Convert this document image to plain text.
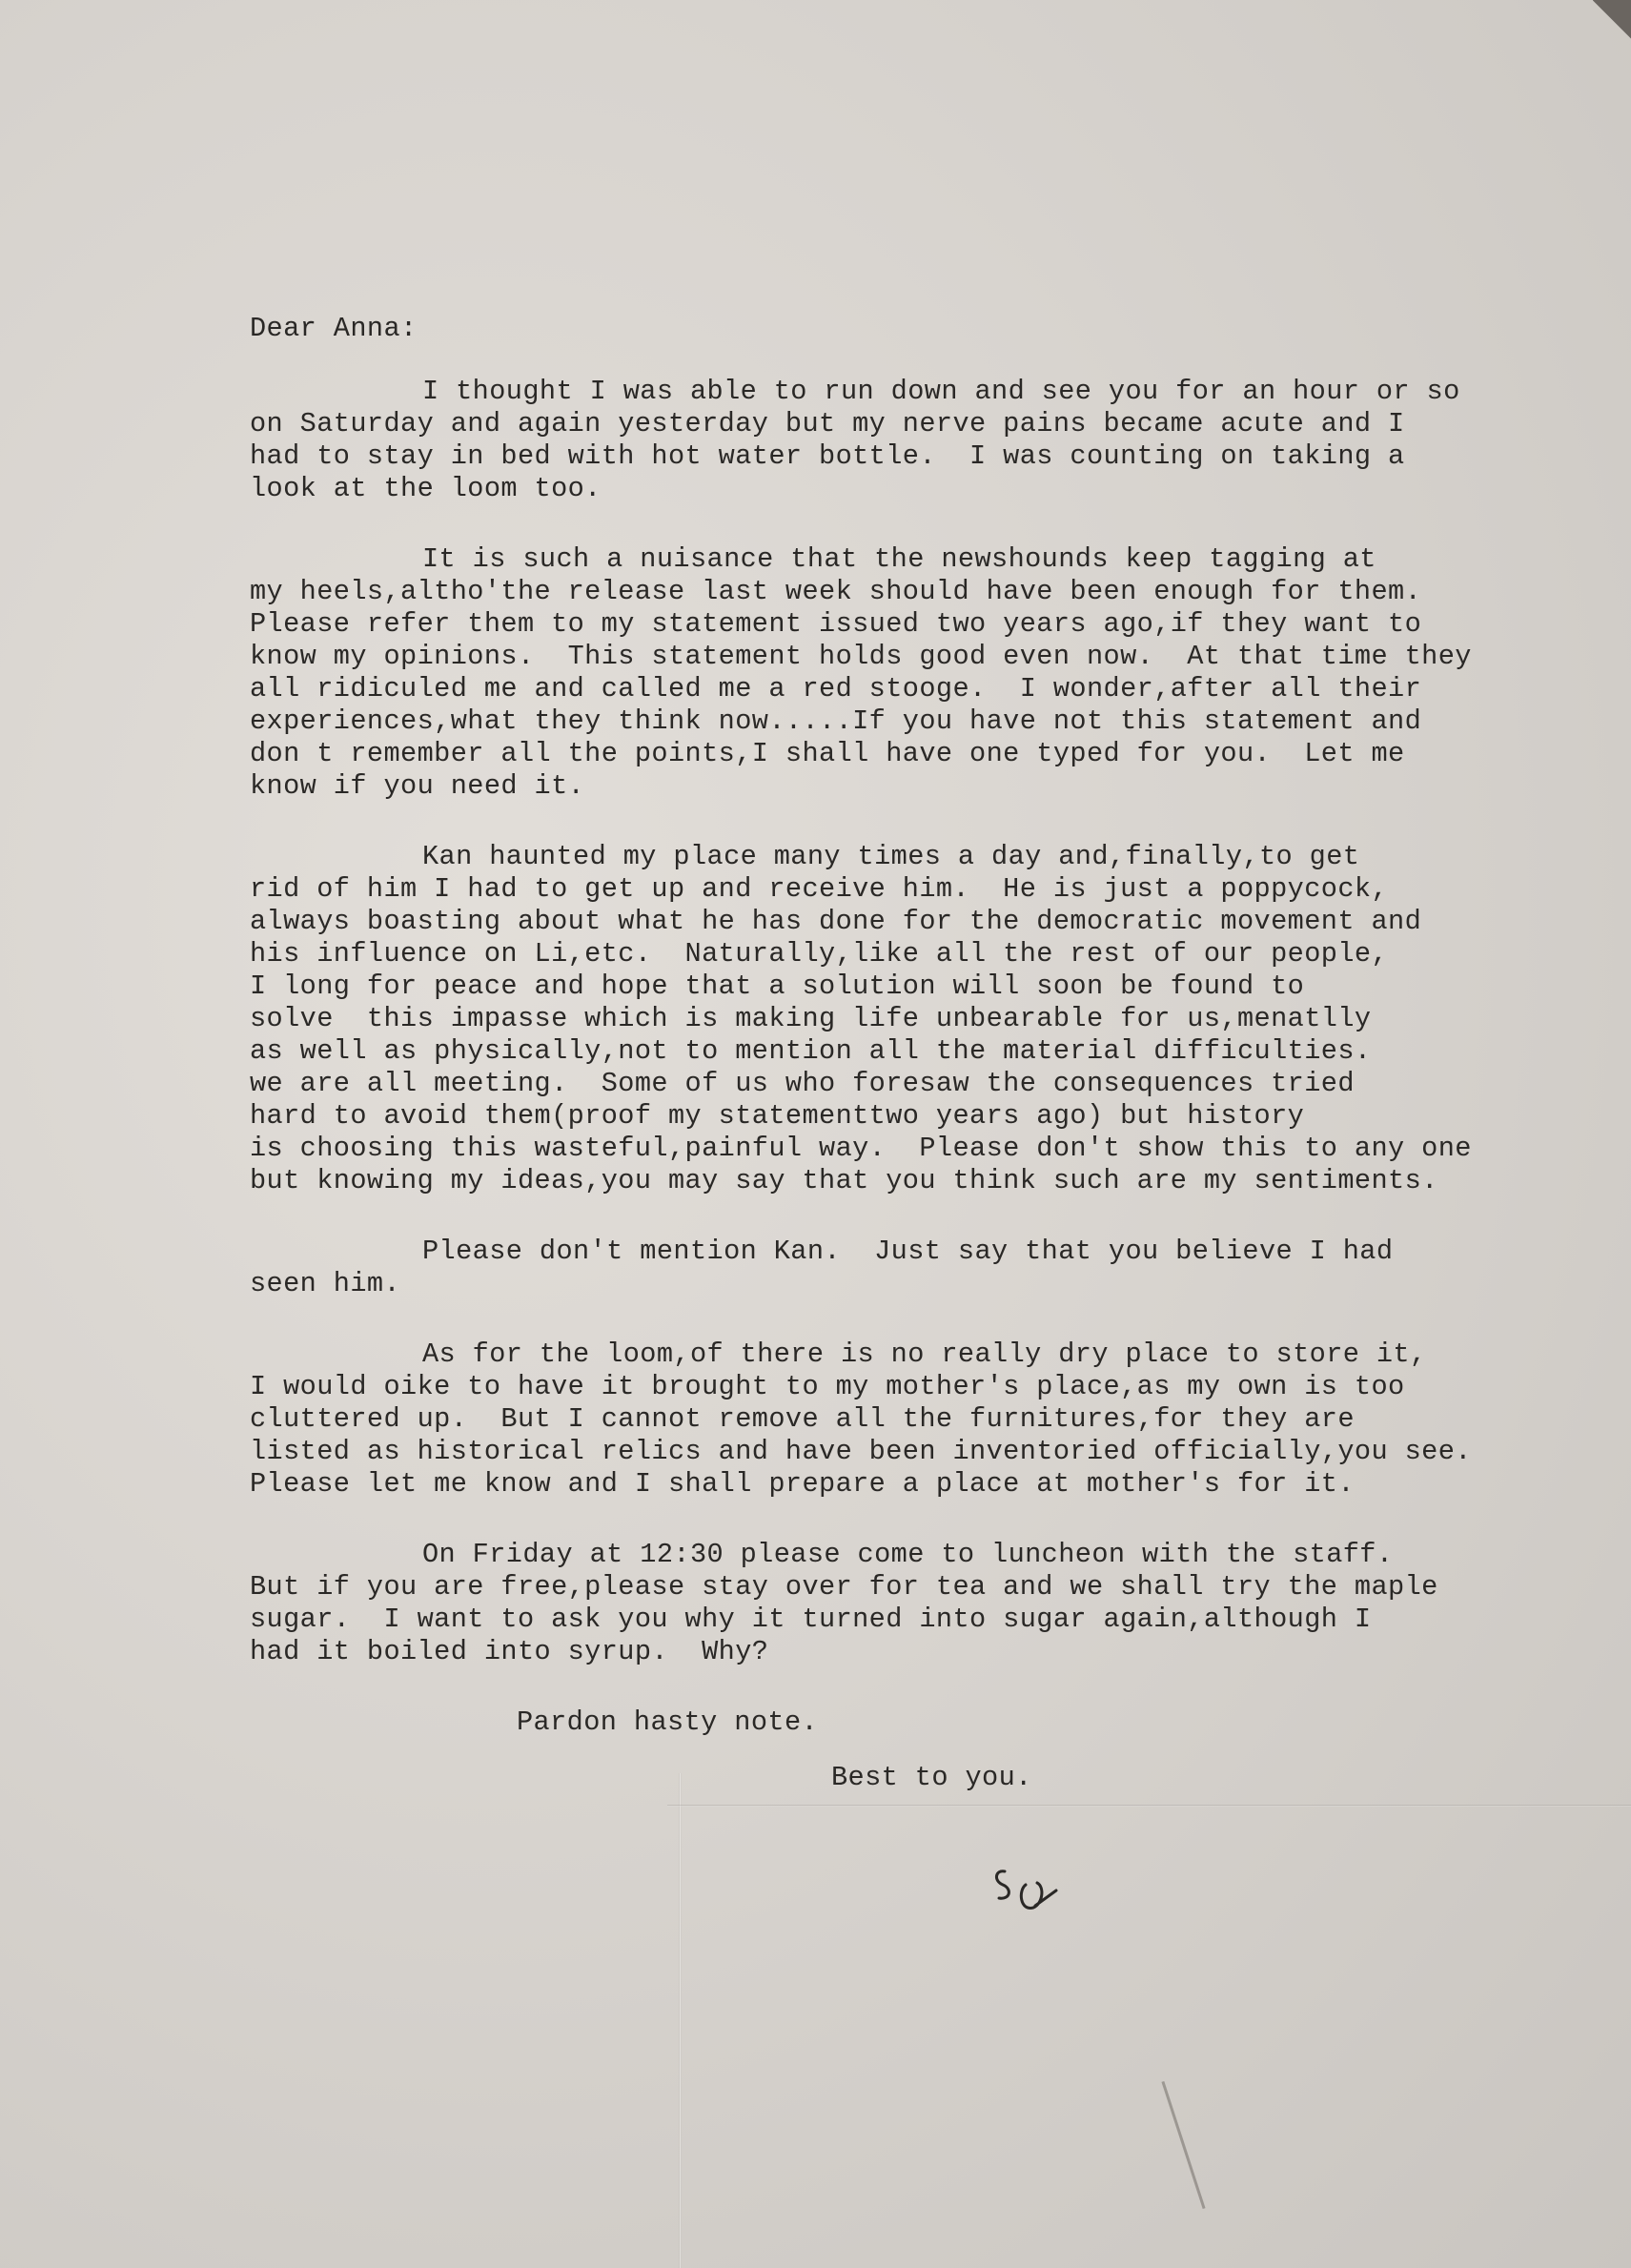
Dear Anna:
I thought I was able to run down and see you for an hour or so
on Saturday and again yesterday but my nerve pains became acute and I
had to stay in bed with hot water bottle.  I was counting on taking a
look at the loom too.
It is such a nuisance that the newshounds keep tagging at
my heels,altho'the release last week should have been enough for them.
Please refer them to my statement issued two years ago,if they want to
know my opinions.  This statement holds good even now.  At that time they
all ridiculed me and called me a red stooge.  I wonder,after all their
experiences,what they think now.....If you have not this statement and
don t remember all the points,I shall have one typed for you.  Let me
know if you need it.
Kan haunted my place many times a day and,finally,to get
rid of him I had to get up and receive him.  He is just a poppycock,
always boasting about what he has done for the democratic movement and
his influence on Li,etc.  Naturally,like all the rest of our people,
I long for peace and hope that a solution will soon be found to
solve  this impasse which is making life unbearable for us,menatlly
as well as physically,not to mention all the material difficulties.
we are all meeting.  Some of us who foresaw the consequences tried
hard to avoid them(proof my statementtwo years ago) but history
is choosing this wasteful,painful way.  Please don't show this to any one
but knowing my ideas,you may say that you think such are my sentiments.
Please don't mention Kan.  Just say that you believe I had
seen him.
As for the loom,of there is no really dry place to store it,
I would oike to have it brought to my mother's place,as my own is too
cluttered up.  But I cannot remove all the furnitures,for they are
listed as historical relics and have been inventoried officially,you see.
Please let me know and I shall prepare a place at mother's for it.
On Friday at 12:30 please come to luncheon with the staff.
But if you are free,please stay over for tea and we shall try the maple
sugar.  I want to ask you why it turned into sugar again,although I
had it boiled into syrup.  Why?
Pardon hasty note.
Best to you.
